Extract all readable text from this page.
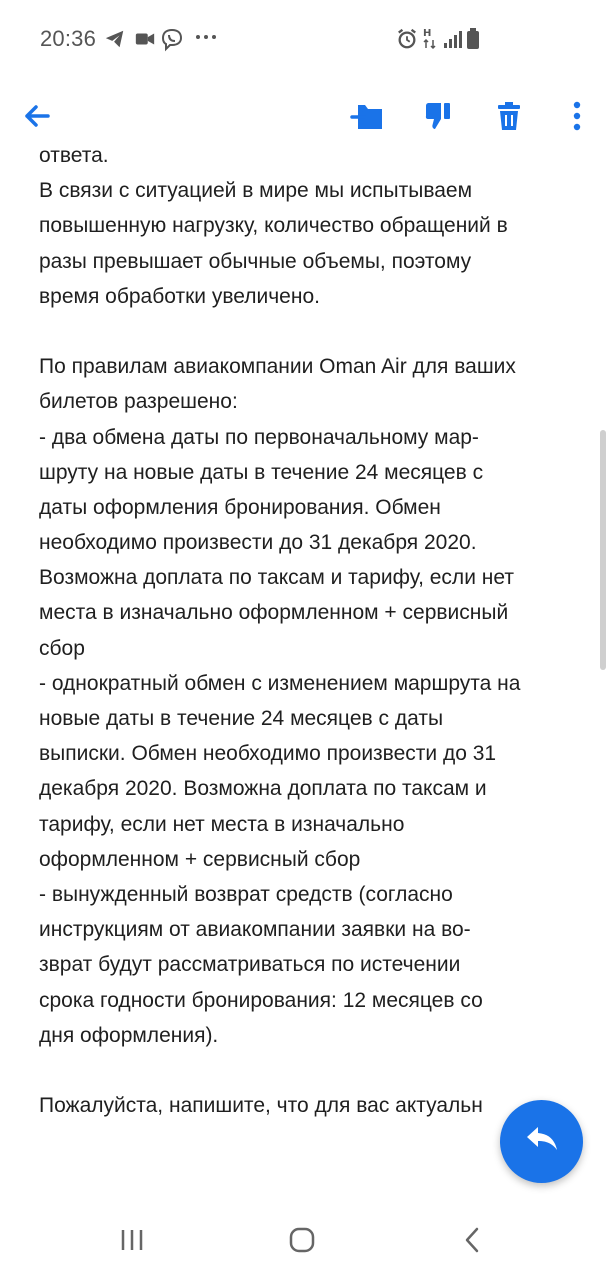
20:36	H
ответа.
В связи с ситуацией в мире мы испытываем
повышенную нагрузку, количество обращений в
разы превышает обычные объемы, поэтому
время обработки увеличено.
По правилам авиакомпании Oman Air для ваших
билетов разрешено:
- два обмена даты по первоначальному мар-
шруту на новые даты в течение 24 месяцев с
даты оформления бронирования. Обмен
необходимо произвести до 31 декабря 2020.
Возможна доплата по таксам и тарифу, если нет
места в изначально оформленном + сервисный
сбор
- однократный обмен с изменением маршрута на
новые даты в течение 24 месяцев с даты
выписки. Обмен необходимо произвести до 31
декабря 2020. Возможна доплата по таксам и
тарифу, если нет места в изначально
оформленном + сервисный сбор
- вынужденный возврат средств (согласно
инструкциям от авиакомпании заявки на во-
зврат будут рассматриваться по истечении
срока годности бронирования: 12 месяцев со
дня оформления).
Пожалуйста, напишите, что для вас актуальн
